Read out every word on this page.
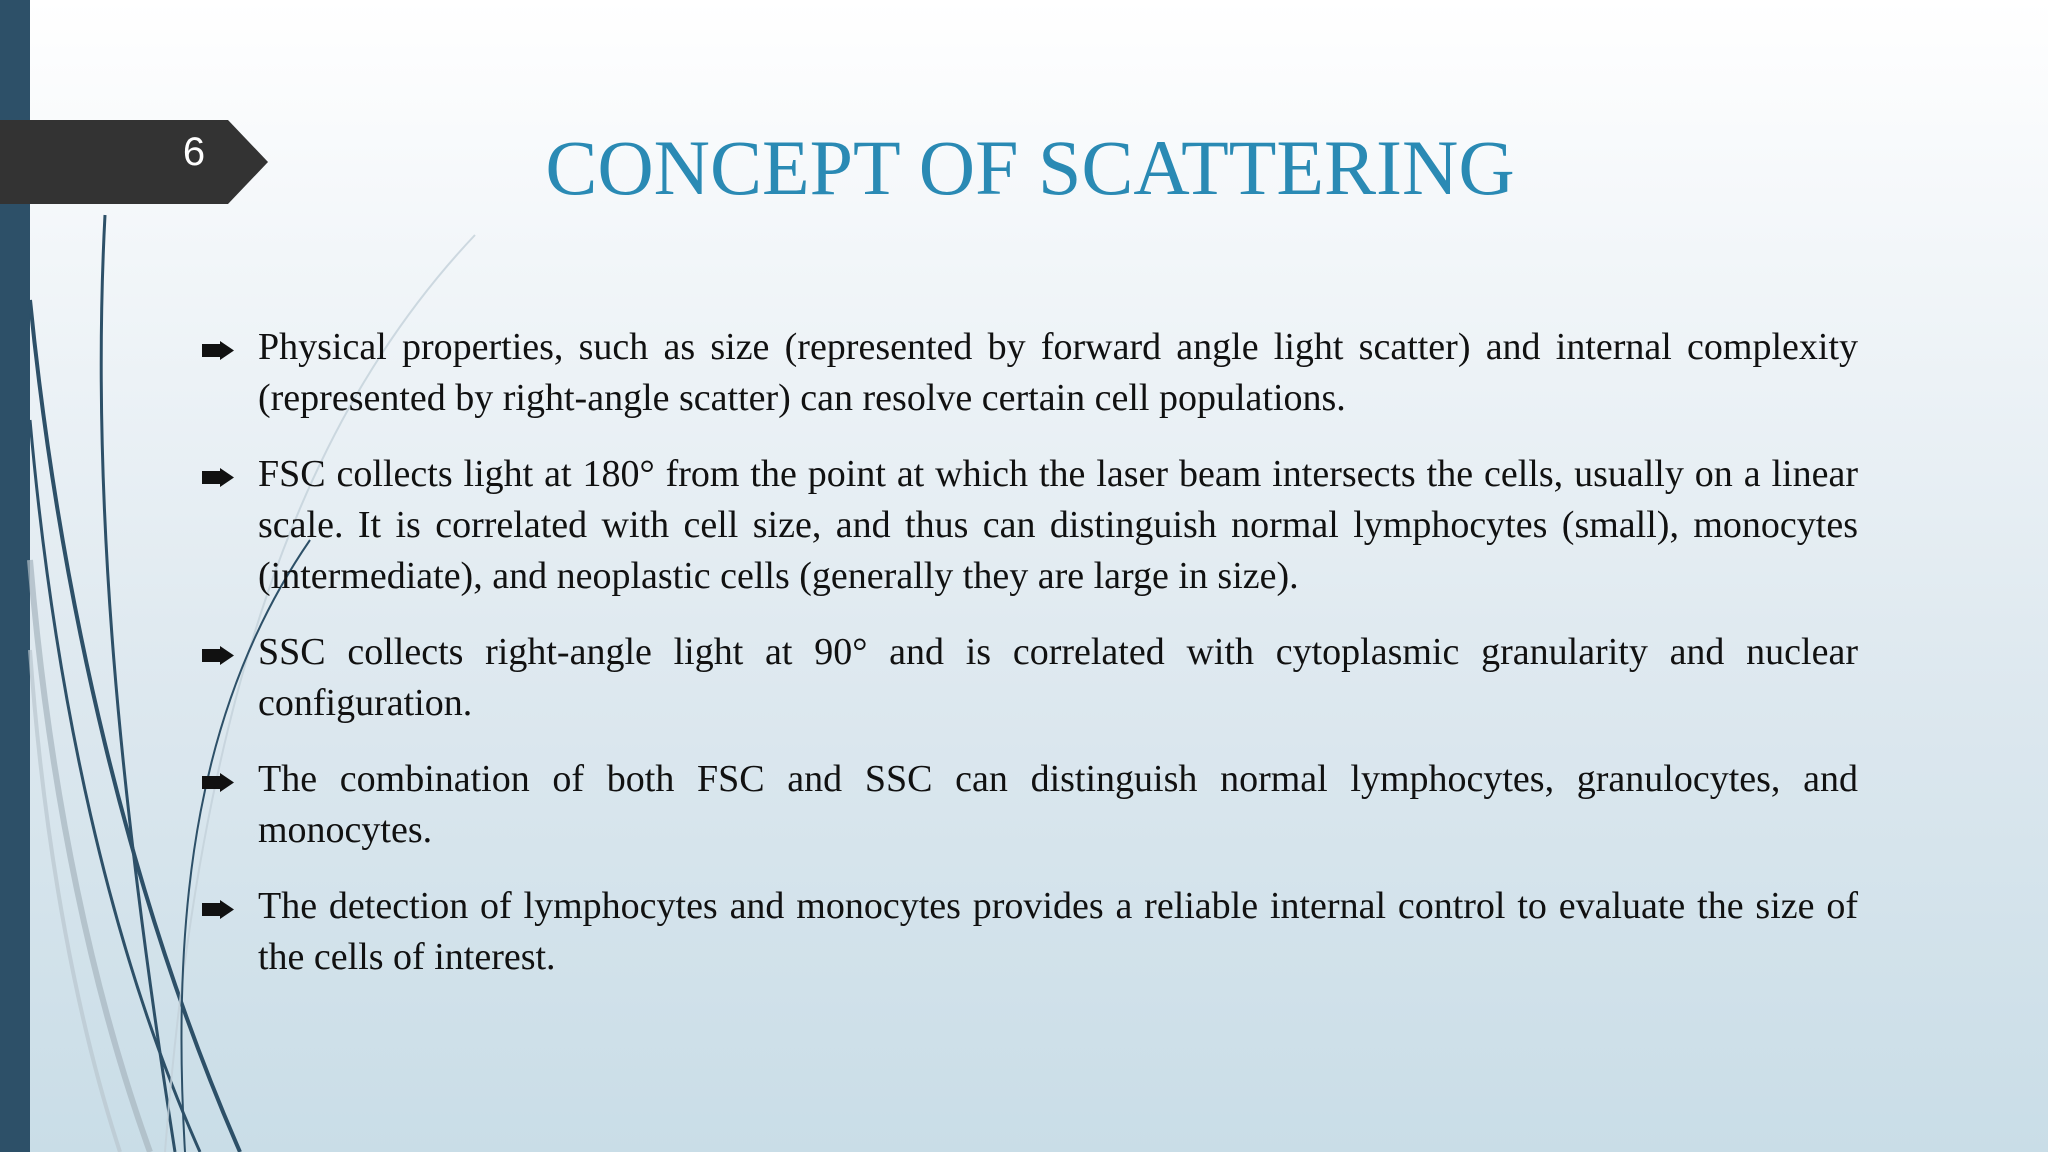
6	CONCEPT OF SCATTERING
Physical properties, such as size (represented by forward angle light scatter) and internal complexity (represented by right-angle scatter) can resolve certain cell populations.
FSC collects light at 180° from the point at which the laser beam intersects the cells, usually on a linear scale. It is correlated with cell size, and thus can distinguish normal lymphocytes (small), monocytes (intermediate), and neoplastic cells (generally they are large in size).
SSC collects right-angle light at 90° and is correlated with cytoplasmic granularity and nuclear configuration.
The combination of both FSC and SSC can distinguish normal lymphocytes, granulocytes, and monocytes.
The detection of lymphocytes and monocytes provides a reliable internal control to evaluate the size of the cells of interest.
